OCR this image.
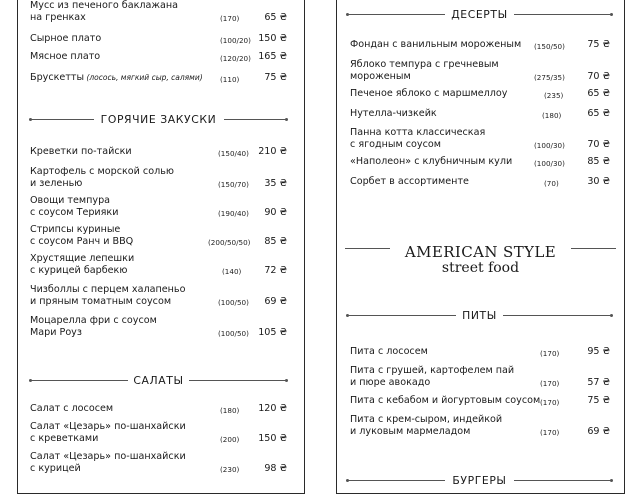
Мусс из печеного баклажана
на гренках	(170)	65 ₴
Сырное плато	(100/20) 150 ₴
Мясное плато	(120/20) 165 ₴
Брускетты (лосось, мягкий сыр, салями) (110)	75 ₴
ГОРЯЧИЕ ЗАКУСКИ
Креветки по-тайски	(150/40) 210 ₴
Картофель с морской солью
и зеленью	(150/70) 35 ₴
Овощи темпура
с соусом Терияки	(190/40) 90 ₴
Стрипсы куриные
с соусом Ранч и BBQ	(200/50/50) 85 ₴
Хрустящие лепешки
с курицей барбекю	(140) 72 ₴
Чизболлы с перцем халапеньо
и пряным томатным соусом	(100/50) 69 ₴
Моцарелла фри с соусом
Мари Роуз	(100/50) 105 ₴
САЛАТЫ
Салат с лососем	(180) 120 ₴
Салат «Цезарь» по-шанхайски
с креветками	(200) 150 ₴
Салат «Цезарь» по-шанхайски
с курицей	(230)	98 ₴
ДЕСЕРТЫ
Фондан с ванильным мороженым (150/50) 75 ₴
Яблоко темпура с гречневым
мороженым	(275/35) 70 ₴
Печеное яблоко с маршмеллоу	(235) 65 ₴
Нутелла-чизкейк	(180)	65 ₴
Панна котта классическая
с ягодным соусом	(100/30) 70 ₴
«Наполеон» с клубничным кули	(100/30) 85 ₴
Сорбет в ассортименте	(70)	30 ₴
AMERICAN STYLE
street food
ПИТЫ
Пита с лососем	(170)	95 ₴
Пита с грушей, картофелем пай
и пюре авокадо	(170)	57 ₴
Пита с кебабом и йогуртовым соусом (170)	75 ₴
Пита с крем-сыром, индейкой
и луковым мармеладом	(170)	69 ₴
БУРГЕРЫ
